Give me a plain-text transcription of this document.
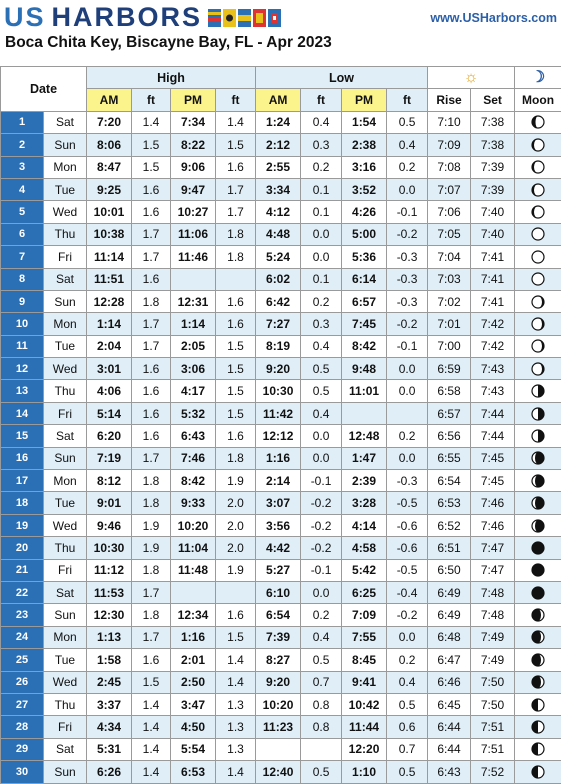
US HARBORS	www.USHarbors.com
Boca Chita Key, Biscayne Bay, FL - Apr 2023
Date		High				Low				☼		☽
		AM	ft	PM	ft	AM	ft	PM	ft	Rise	Set	Moon
1	Sat	7:20	1.4	7:34	1.4	1:24	0.4	1:54	0.5	7:10	7:38	

2	Sun	8:06	1.5	8:22	1.5	2:12	0.3	2:38	0.4	7:09	7:38	

3	Mon	8:47	1.5	9:06	1.6	2:55	0.2	3:16	0.2	7:08	7:39	

4	Tue	9:25	1.6	9:47	1.7	3:34	0.1	3:52	0.0	7:07	7:39	

5	Wed	10:01	1.6	10:27	1.7	4:12	0.1	4:26	-0.1	7:06	7:40	

6	Thu	10:38	1.7	11:06	1.8	4:48	0.0	5:00	-0.2	7:05	7:40	

7	Fri	11:14	1.7	11:46	1.8	5:24	0.0	5:36	-0.3	7:04	7:41	

8	Sat	11:51	1.6			6:02	0.1	6:14	-0.3	7:03	7:41	

9	Sun	12:28	1.8	12:31	1.6	6:42	0.2	6:57	-0.3	7:02	7:41	

10	Mon	1:14	1.7	1:14	1.6	7:27	0.3	7:45	-0.2	7:01	7:42	

11	Tue	2:04	1.7	2:05	1.5	8:19	0.4	8:42	-0.1	7:00	7:42	

12	Wed	3:01	1.6	3:06	1.5	9:20	0.5	9:48	0.0	6:59	7:43	

13	Thu	4:06	1.6	4:17	1.5	10:30	0.5	11:01	0.0	6:58	7:43	

14	Fri	5:14	1.6	5:32	1.5	11:42	0.4			6:57	7:44	

15	Sat	6:20	1.6	6:43	1.6	12:12	0.0	12:48	0.2	6:56	7:44	

16	Sun	7:19	1.7	7:46	1.8	1:16	0.0	1:47	0.0	6:55	7:45	

17	Mon	8:12	1.8	8:42	1.9	2:14	-0.1	2:39	-0.3	6:54	7:45	

18	Tue	9:01	1.8	9:33	2.0	3:07	-0.2	3:28	-0.5	6:53	7:46	

19	Wed	9:46	1.9	10:20	2.0	3:56	-0.2	4:14	-0.6	6:52	7:46	

20	Thu	10:30	1.9	11:04	2.0	4:42	-0.2	4:58	-0.6	6:51	7:47	

21	Fri	11:12	1.8	11:48	1.9	5:27	-0.1	5:42	-0.5	6:50	7:47	

22	Sat	11:53	1.7			6:10	0.0	6:25	-0.4	6:49	7:48	

23	Sun	12:30	1.8	12:34	1.6	6:54	0.2	7:09	-0.2	6:49	7:48	

24	Mon	1:13	1.7	1:16	1.5	7:39	0.4	7:55	0.0	6:48	7:49	

25	Tue	1:58	1.6	2:01	1.4	8:27	0.5	8:45	0.2	6:47	7:49	

26	Wed	2:45	1.5	2:50	1.4	9:20	0.7	9:41	0.4	6:46	7:50	

27	Thu	3:37	1.4	3:47	1.3	10:20	0.8	10:42	0.5	6:45	7:50	

28	Fri	4:34	1.4	4:50	1.3	11:23	0.8	11:44	0.6	6:44	7:51	

29	Sat	5:31	1.4	5:54	1.3			12:20	0.7	6:44	7:51	

30	Sun	6:26	1.4	6:53	1.4	12:40	0.5	1:10	0.5	6:43	7:52	
